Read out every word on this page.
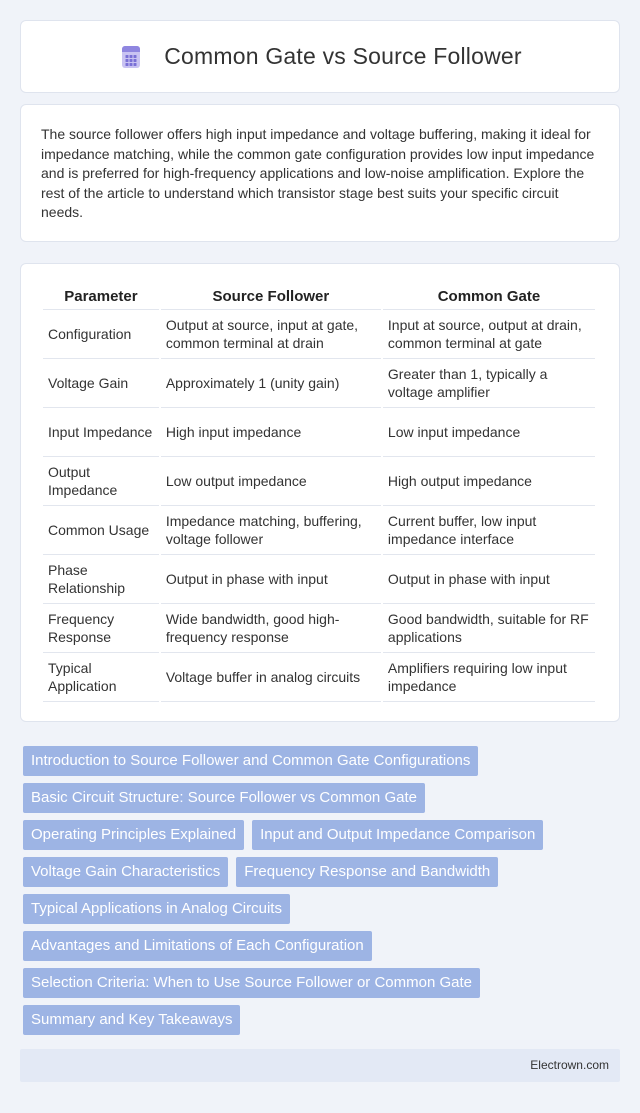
Common Gate vs Source Follower

The source follower offers high input impedance and voltage buffering, making it ideal for impedance matching, while the common gate configuration provides low input impedance and is preferred for high-frequency applications and low-noise amplification. Explore the rest of the article to understand which transistor stage best suits your specific circuit needs.

Parameter	Source Follower	Common Gate
Configuration	Output at source, input at gate, common terminal at drain	Input at source, output at drain, common terminal at gate
Voltage Gain	Approximately 1 (unity gain)	Greater than 1, typically a voltage amplifier
Input Impedance	High input impedance	Low input impedance
Output Impedance	Low output impedance	High output impedance
Common Usage	Impedance matching, buffering, voltage follower	Current buffer, low input impedance interface
Phase Relationship	Output in phase with input	Output in phase with input
Frequency Response	Wide bandwidth, good high-frequency response	Good bandwidth, suitable for RF applications
Typical Application	Voltage buffer in analog circuits	Amplifiers requiring low input impedance
Introduction to Source Follower and Common Gate Configurations
Basic Circuit Structure: Source Follower vs Common Gate
Operating Principles Explained	Input and Output Impedance Comparison
Voltage Gain Characteristics	Frequency Response and Bandwidth
Typical Applications in Analog Circuits
Advantages and Limitations of Each Configuration
Selection Criteria: When to Use Source Follower or Common Gate
Summary and Key Takeaways
Electrown.com
